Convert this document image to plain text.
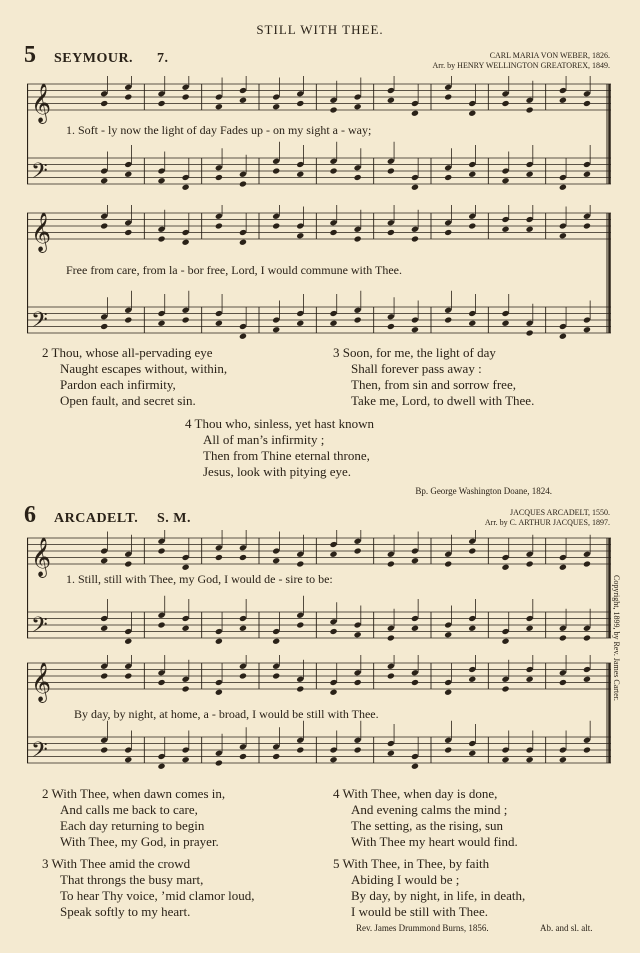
STILL WITH THEE.
5 SEYMOUR. 7.	CARL MARIA VON WEBER, 1826.
Arr. by HENRY WELLINGTON GREATOREX, 1849.
𝄞
𝄢
1. Soft - ly now the light of day Fades up - on my sight a - way;
𝄞
𝄢
Free from care, from la - bor free, Lord, I would commune with Thee.
2 Thou, whose all-pervading eye
Naught escapes without, within,
Pardon each infirmity,
Open fault, and secret sin.
3 Soon, for me, the light of day
Shall forever pass away :
Then, from sin and sorrow free,
Take me, Lord, to dwell with Thee.
4 Thou who, sinless, yet hast known
All of man’s infirmity ;
Then from Thine eternal throne,
Jesus, look with pitying eye.
Bp. George Washington Doane, 1824.
6 ARCADELT. S. M.	JACQUES ARCADELT, 1550.
Arr. by C. ARTHUR JACQUES, 1897.
𝄞
𝄢
1. Still, still with Thee, my God, I would de - sire to be:
𝄞
𝄢
By day, by night, at home, a - broad, I would be still with Thee.
Copyright, 1899, by Rev. James Carter.
2 With Thee, when dawn comes in,
And calls me back to care,
Each day returning to begin
With Thee, my God, in prayer.
4 With Thee, when day is done,
And evening calms the mind ;
The setting, as the rising, sun
With Thee my heart would find.
3 With Thee amid the crowd
That throngs the busy mart,
To hear Thy voice, ’mid clamor loud,
Speak softly to my heart.
5 With Thee, in Thee, by faith
Abiding I would be ;
By day, by night, in life, in death,
I would be still with Thee.
Rev. James Drummond Burns, 1856.	Ab. and sl. alt.
